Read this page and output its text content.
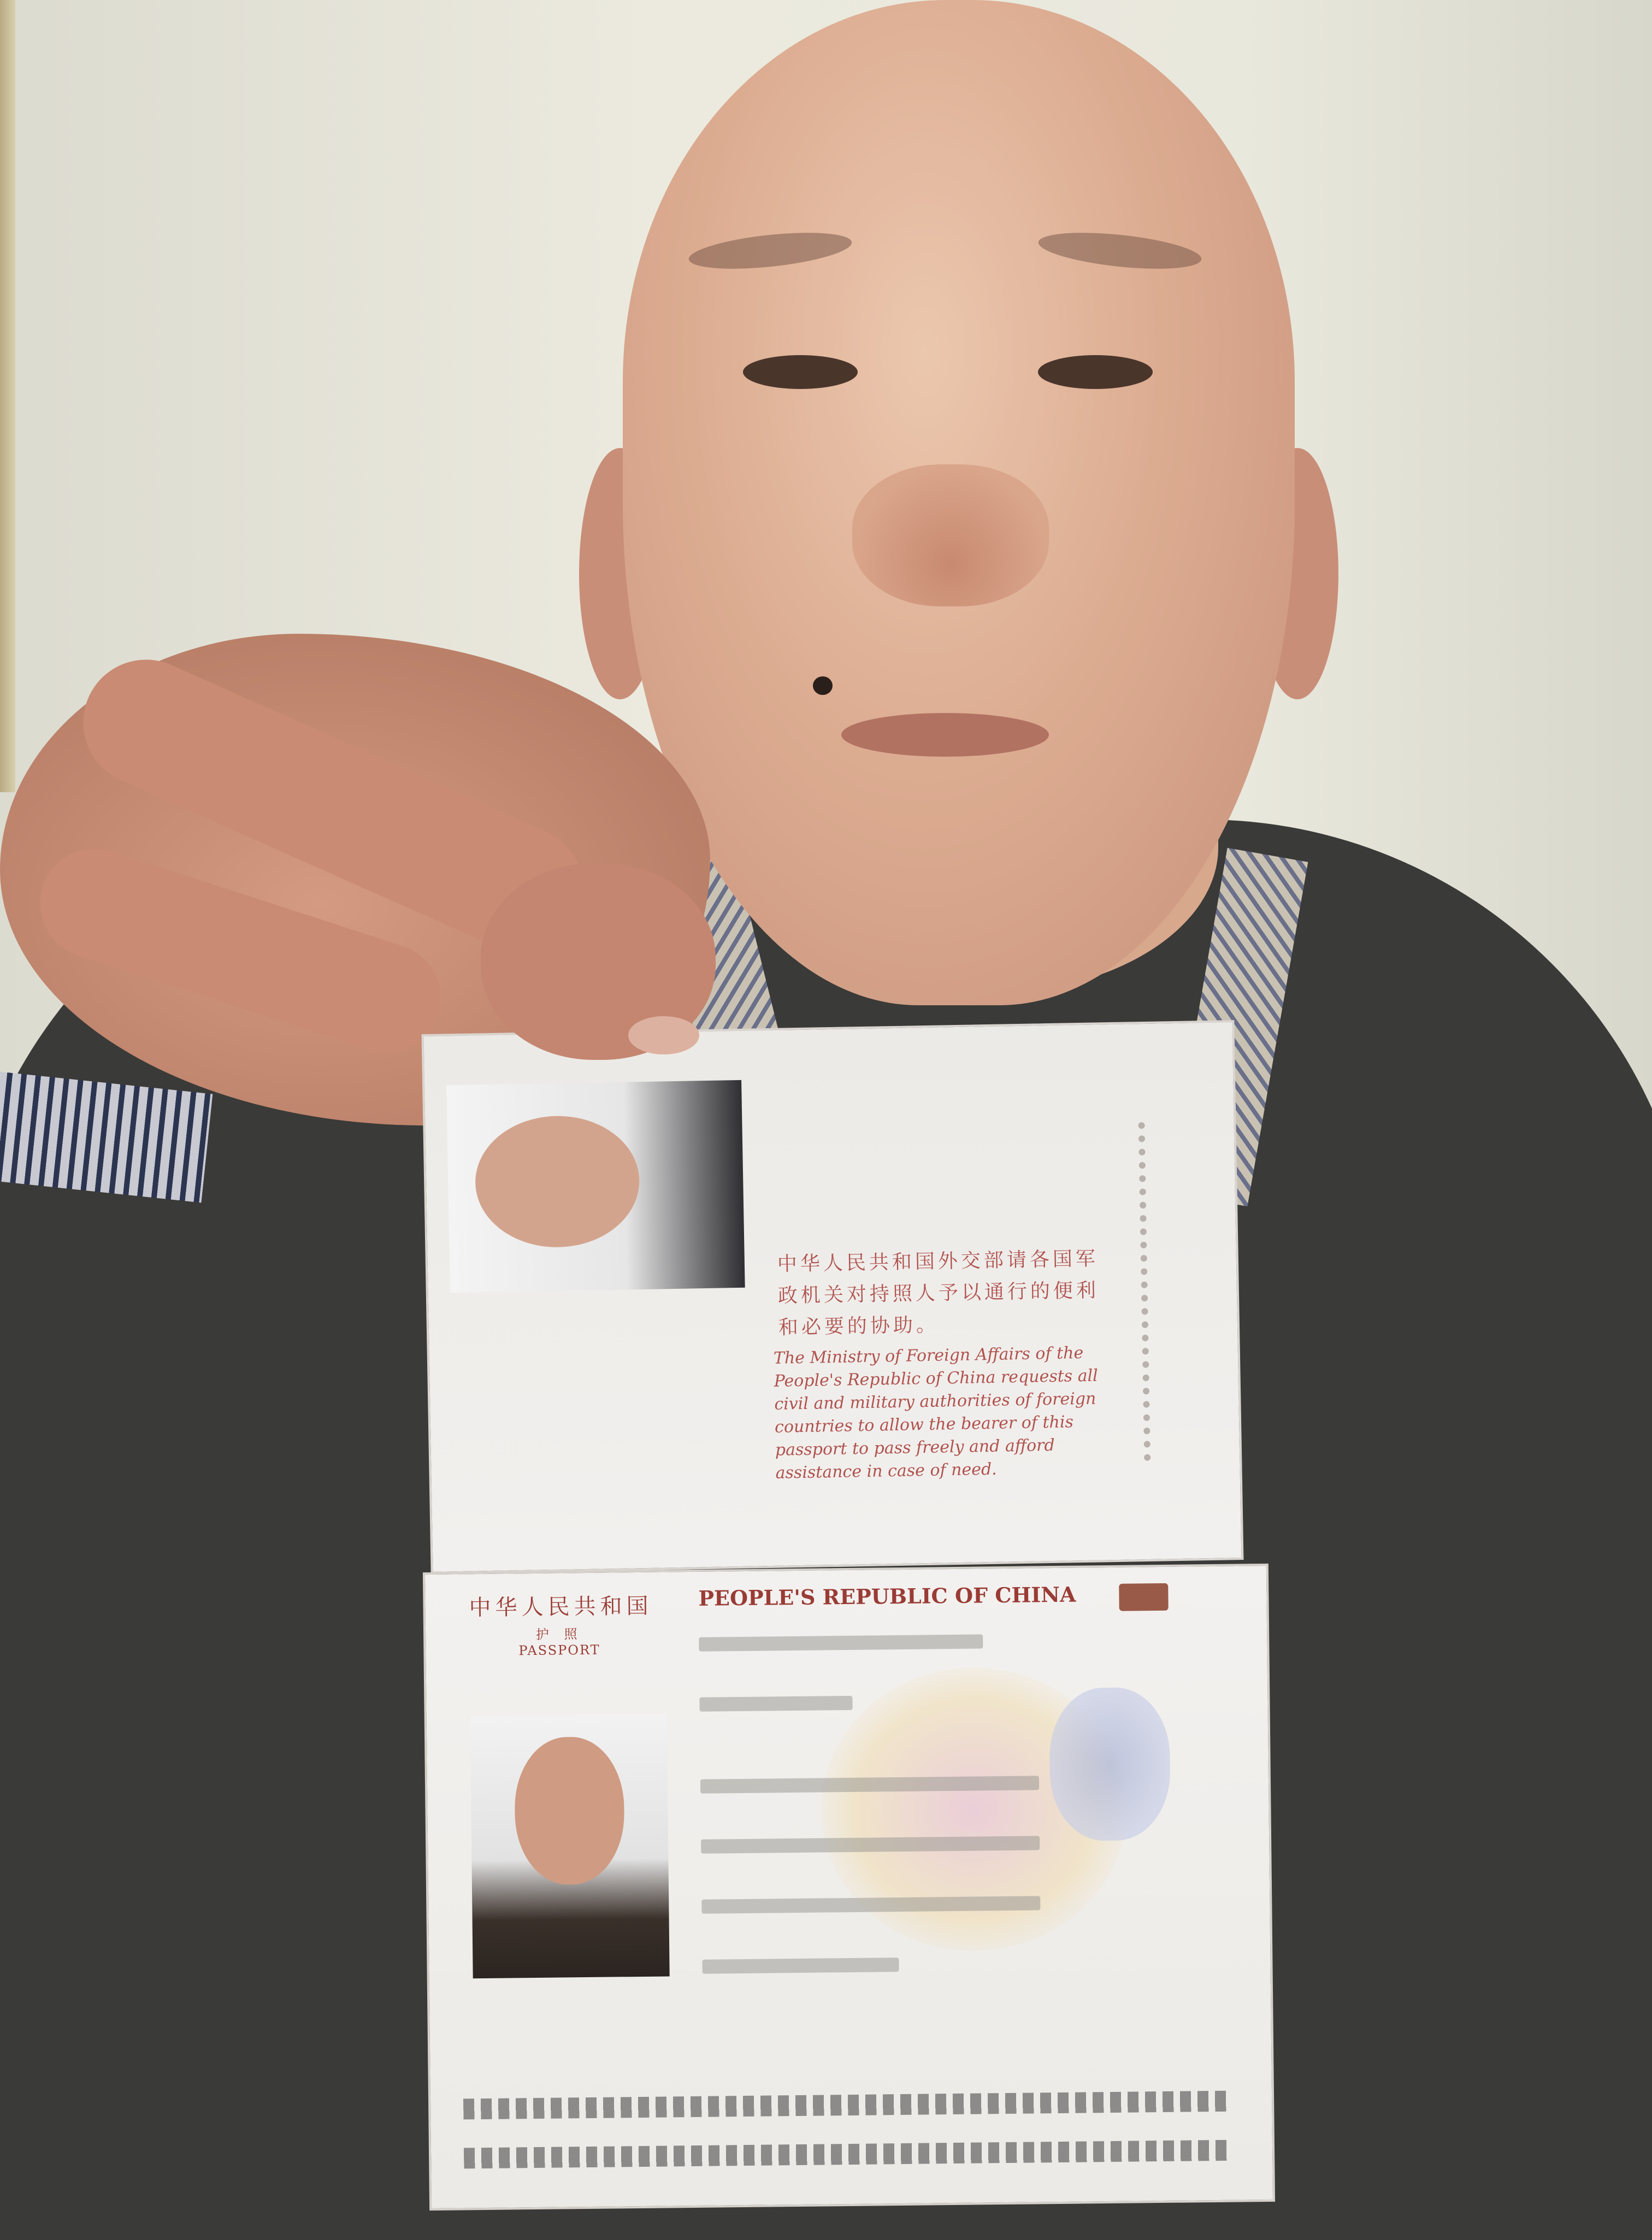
中华人民共和国外交部请各国军政机关对持照人予以通行的便利和必要的协助。
The Ministry of Foreign Affairs of the People's Republic of China requests all civil and military authorities of foreign countries to allow the bearer of this passport to pass freely and afford assistance in case of need.
中华人民共和国 PEOPLE'S REPUBLIC OF CHINA
护 照
PASSPORT
